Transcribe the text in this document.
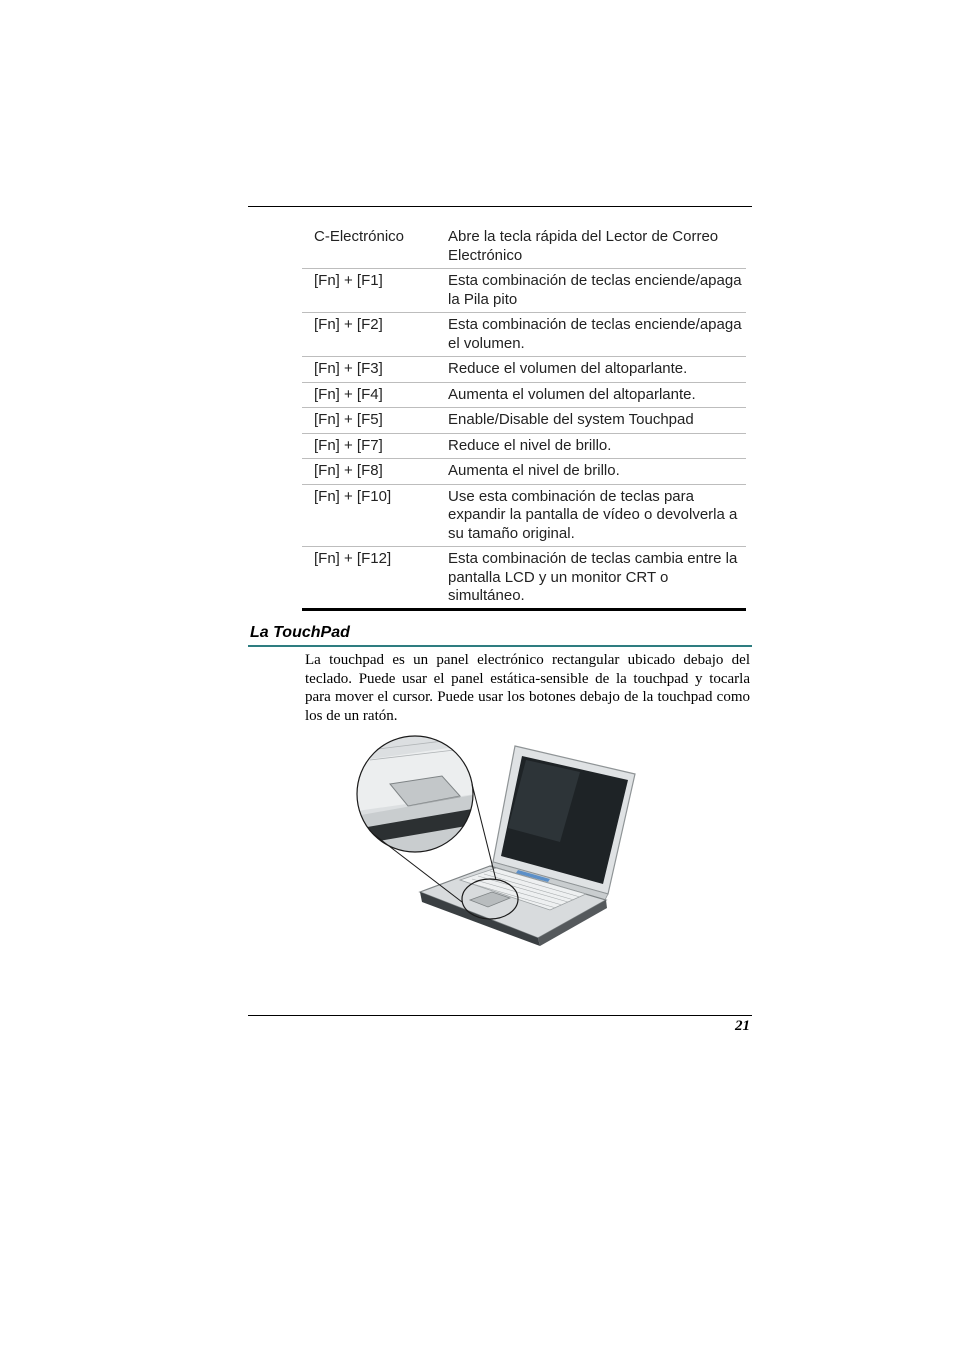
C-Electrónico	Abre la tecla rápida del Lector de Correo Electrónico
[Fn] + [F1]	Esta combinación de teclas enciende/apaga la Pila pito
[Fn] + [F2]	Esta combinación de teclas enciende/apaga el volumen.
[Fn] + [F3]	Reduce el volumen del altoparlante.
[Fn] + [F4]	Aumenta el volumen del altoparlante.
[Fn] + [F5]	Enable/Disable del system Touchpad
[Fn] + [F7]	Reduce el nivel de brillo.
[Fn] + [F8]	Aumenta el nivel de brillo.
[Fn] + [F10]	Use esta combinación de teclas para expandir la pantalla de vídeo o devolverla a su tamaño original.
[Fn] + [F12]	Esta combinación de teclas cambia entre la pantalla LCD y un monitor CRT o simultáneo.
La TouchPad

La touchpad es un panel electrónico rectangular ubicado debajo del teclado. Puede usar el panel estática-sensible de la touchpad y tocarla para mover el cursor. Puede usar los botones debajo de la touchpad como los de un ratón.

21
